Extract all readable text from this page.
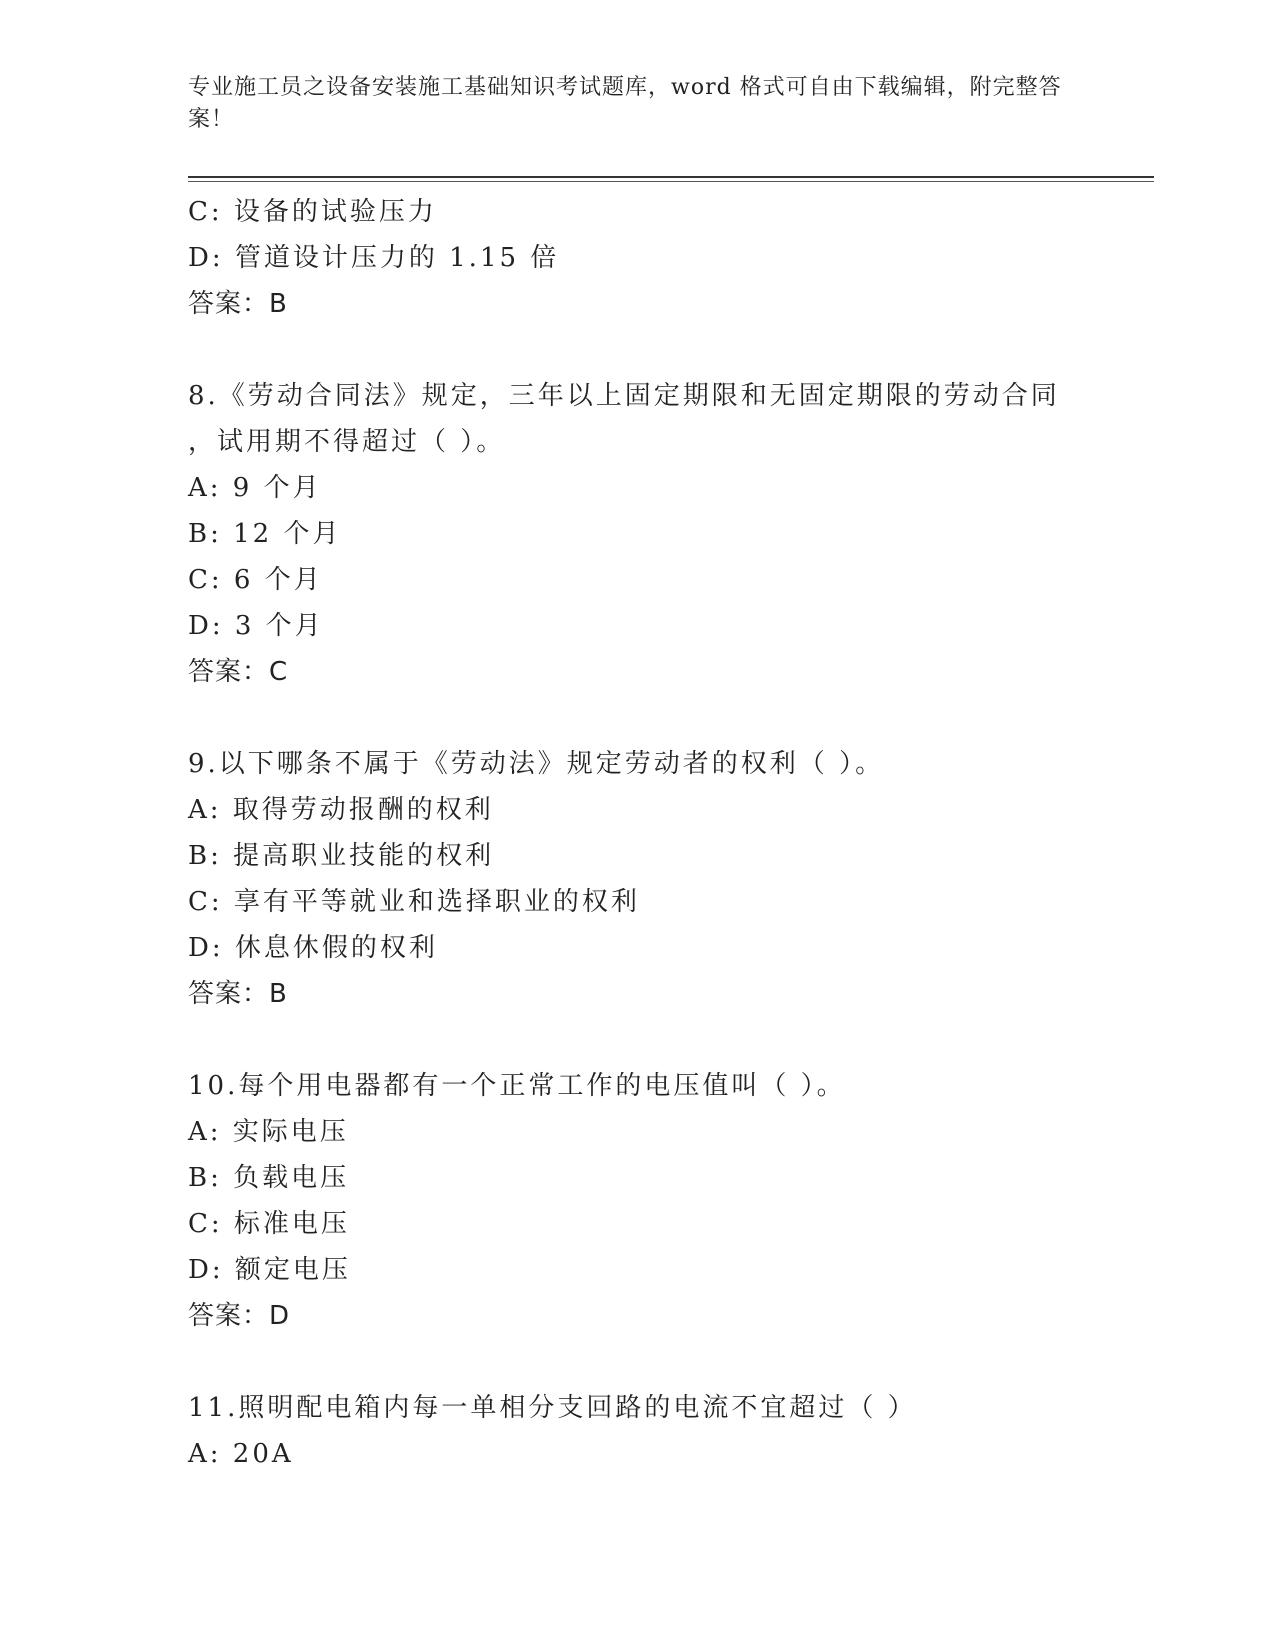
专业施工员之设备安装施工基础知识考试题库，word 格式可自由下载编辑，附完整答案！
C: 设备的试验压力
D: 管道设计压力的 1.15 倍
答案：B
8.《劳动合同法》规定，三年以上固定期限和无固定期限的劳动合同
，试用期不得超过（ ）。
A: 9 个月
B: 12 个月
C: 6 个月
D: 3 个月
答案：C
9.以下哪条不属于《劳动法》规定劳动者的权利（ ）。
A: 取得劳动报酬的权利
B: 提高职业技能的权利
C: 享有平等就业和选择职业的权利
D: 休息休假的权利
答案：B
10.每个用电器都有一个正常工作的电压值叫（ ）。
A: 实际电压
B: 负载电压
C: 标准电压
D: 额定电压
答案：D
11.照明配电箱内每一单相分支回路的电流不宜超过（ ）
A: 20A
